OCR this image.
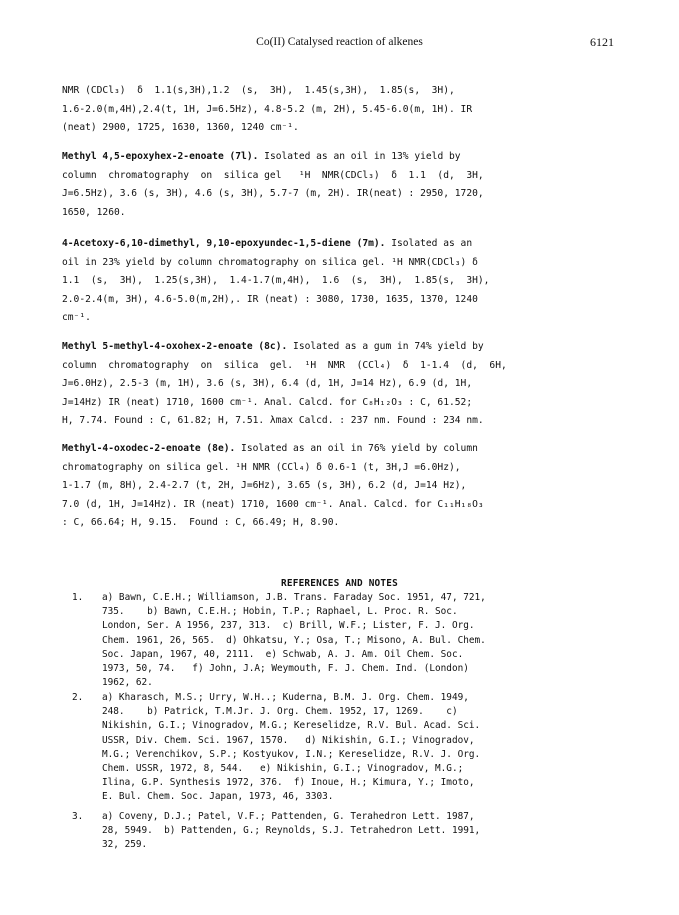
Co(II) Catalysed reaction of alkenes	6121
NMR (CDCl₃)  δ  1.1(s,3H),1.2  (s,  3H),  1.45(s,3H),  1.85(s,  3H),
1.6-2.0(m,4H),2.4(t, 1H, J=6.5Hz), 4.8-5.2 (m, 2H), 5.45-6.0(m, 1H). IR
(neat) 2900, 1725, 1630, 1360, 1240 cm⁻¹.
Methyl 4,5-epoxyhex-2-enoate (7l). Isolated as an oil in 13% yield by
column  chromatography  on  silica gel   ¹H  NMR(CDCl₃)  δ  1.1  (d,  3H,
J=6.5Hz), 3.6 (s, 3H), 4.6 (s, 3H), 5.7-7 (m, 2H). IR(neat) : 2950, 1720,
1650, 1260.
4-Acetoxy-6,10-dimethyl, 9,10-epoxyundec-1,5-diene (7m). Isolated as an
oil in 23% yield by column chromatography on silica gel. ¹H NMR(CDCl₃) δ
1.1  (s,  3H),  1.25(s,3H),  1.4-1.7(m,4H),  1.6  (s,  3H),  1.85(s,  3H),
2.0-2.4(m, 3H), 4.6-5.0(m,2H),. IR (neat) : 3080, 1730, 1635, 1370, 1240
cm⁻¹.
Methyl 5-methyl-4-oxohex-2-enoate (8c). Isolated as a gum in 74% yield by
column  chromatography  on  silica  gel.  ¹H  NMR  (CCl₄)  δ  1-1.4  (d,  6H,
J=6.0Hz), 2.5-3 (m, 1H), 3.6 (s, 3H), 6.4 (d, 1H, J=14 Hz), 6.9 (d, 1H,
J=14Hz) IR (neat) 1710, 1600 cm⁻¹. Anal. Calcd. for C₈H₁₂O₃ : C, 61.52;
H, 7.74. Found : C, 61.82; H, 7.51. λmax Calcd. : 237 nm. Found : 234 nm.
Methyl-4-oxodec-2-enoate (8e). Isolated as an oil in 76% yield by column
chromatography on silica gel. ¹H NMR (CCl₄) δ 0.6-1 (t, 3H,J =6.0Hz),
1-1.7 (m, 8H), 2.4-2.7 (t, 2H, J=6Hz), 3.65 (s, 3H), 6.2 (d, J=14 Hz),
7.0 (d, 1H, J=14Hz). IR (neat) 1710, 1600 cm⁻¹. Anal. Calcd. for C₁₁H₁₈O₃
: C, 66.64; H, 9.15.  Found : C, 66.49; H, 8.90.
REFERENCES AND NOTES
1. a) Bawn, C.E.H.; Williamson, J.B. Trans. Faraday Soc. 1951, 47, 721,
735.    b) Bawn, C.E.H.; Hobin, T.P.; Raphael, L. Proc. R. Soc.
London, Ser. A 1956, 237, 313.  c) Brill, W.F.; Lister, F. J. Org.
Chem. 1961, 26, 565.  d) Ohkatsu, Y.; Osa, T.; Misono, A. Bul. Chem.
Soc. Japan, 1967, 40, 2111.  e) Schwab, A. J. Am. Oil Chem. Soc.
1973, 50, 74.   f) John, J.A; Weymouth, F. J. Chem. Ind. (London)
1962, 62.
2. a) Kharasch, M.S.; Urry, W.H..; Kuderna, B.M. J. Org. Chem. 1949,
248.    b) Patrick, T.M.Jr. J. Org. Chem. 1952, 17, 1269.    c)
Nikishin, G.I.; Vinogradov, M.G.; Kereselidze, R.V. Bul. Acad. Sci.
USSR, Div. Chem. Sci. 1967, 1570.   d) Nikishin, G.I.; Vinogradov,
M.G.; Verenchikov, S.P.; Kostyukov, I.N.; Kereselidze, R.V. J. Org.
Chem. USSR, 1972, 8, 544.   e) Nikishin, G.I.; Vinogradov, M.G.;
Ilina, G.P. Synthesis 1972, 376.  f) Inoue, H.; Kimura, Y.; Imoto,
E. Bul. Chem. Soc. Japan, 1973, 46, 3303.
3. a) Coveny, D.J.; Patel, V.F.; Pattenden, G. Terahedron Lett. 1987,
28, 5949.  b) Pattenden, G.; Reynolds, S.J. Tetrahedron Lett. 1991,
32, 259.
